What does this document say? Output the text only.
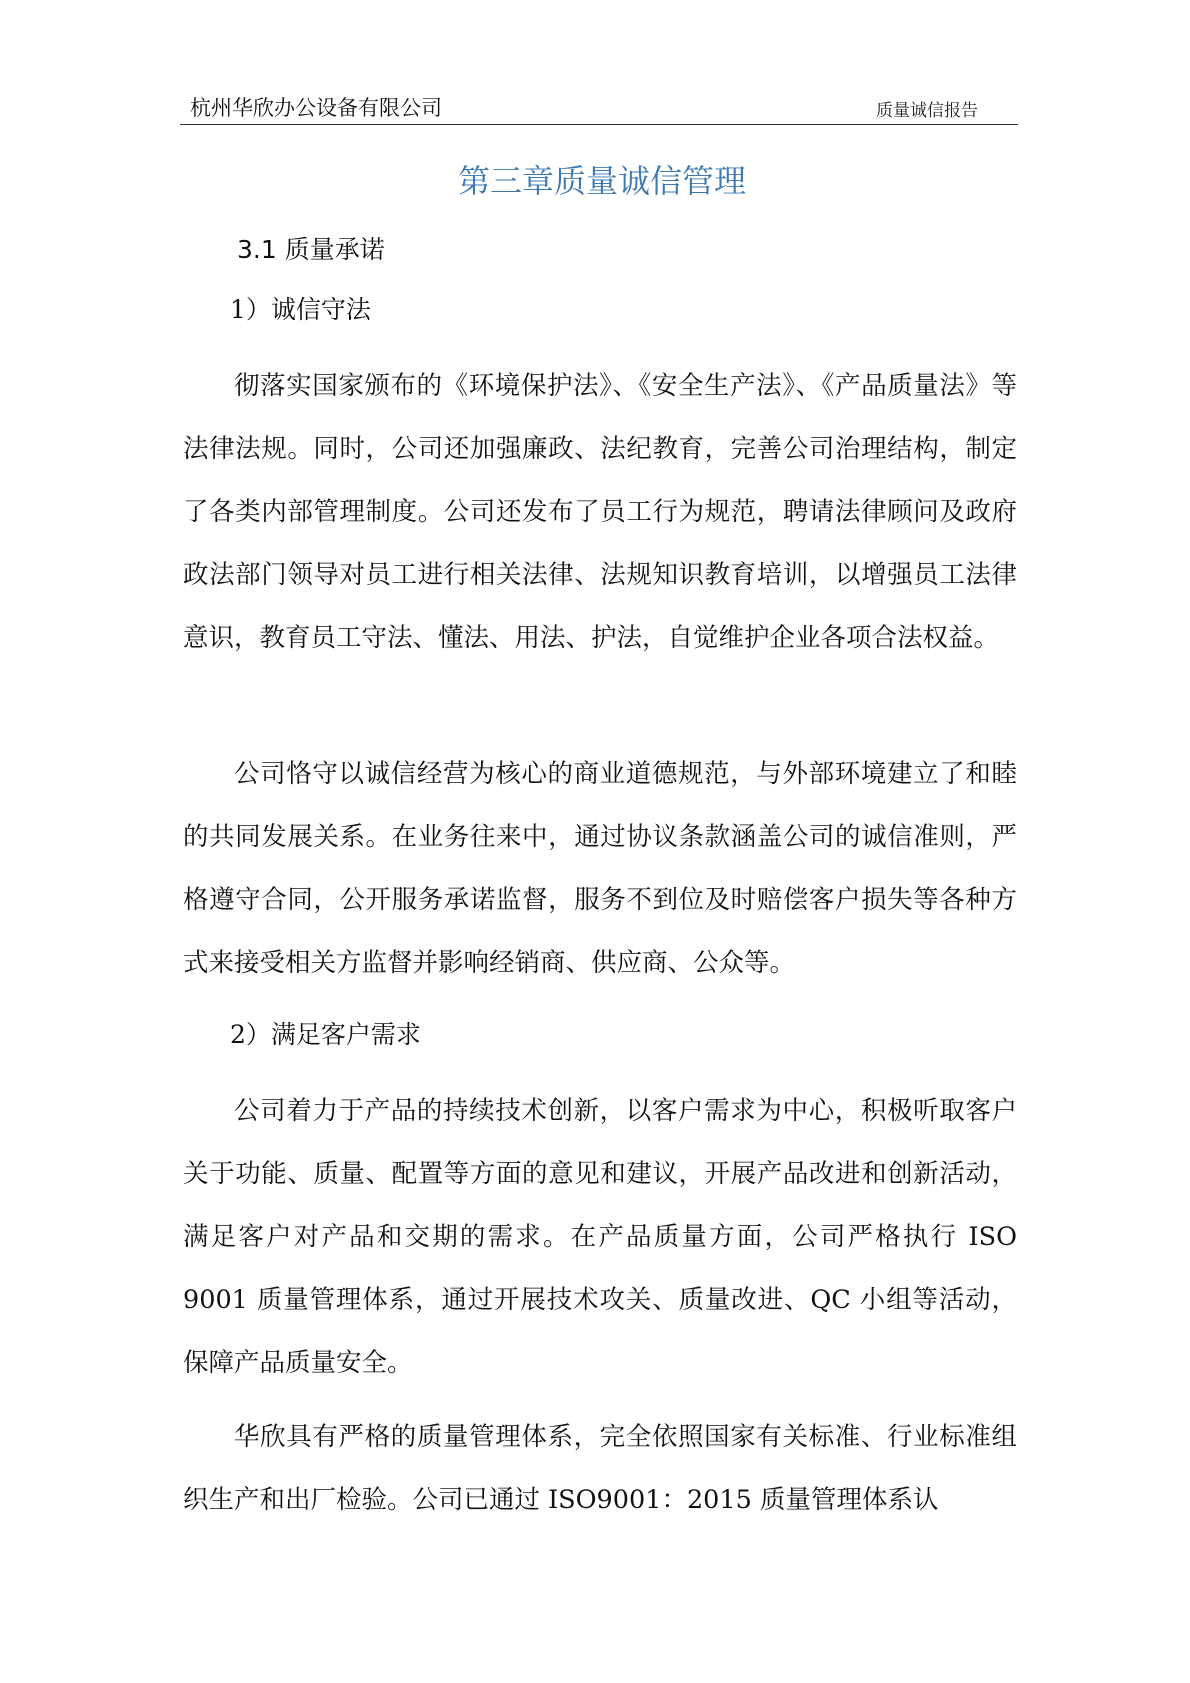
杭州华欣办公设备有限公司	质量诚信报告
第三章质量诚信管理
3.1 质量承诺
1）诚信守法

彻落实国家颁布的《环境保护法》、《安全生产法》、《产品质量法》等法律法规。同时，公司还加强廉政、法纪教育，完善公司治理结构，制定了各类内部管理制度。公司还发布了员工行为规范，聘请法律顾问及政府政法部门领导对员工进行相关法律、法规知识教育培训，以增强员工法律意识，教育员工守法、懂法、用法、护法，自觉维护企业各项合法权益。

公司恪守以诚信经营为核心的商业道德规范，与外部环境建立了和睦的共同发展关系。在业务往来中，通过协议条款涵盖公司的诚信准则，严格遵守合同，公开服务承诺监督，服务不到位及时赔偿客户损失等各种方式来接受相关方监督并影响经销商、供应商、公众等。

2）满足客户需求

公司着力于产品的持续技术创新，以客户需求为中心，积极听取客户关于功能、质量、配置等方面的意见和建议，开展产品改进和创新活动，满足客户对产品和交期的需求。在产品质量方面，公司严格执行 ISO 9001 质量管理体系，通过开展技术攻关、质量改进、QC 小组等活动，保障产品质量安全。

华欣具有严格的质量管理体系，完全依照国家有关标准、行业标准组织生产和出厂检验。公司已通过 ISO9001：2015 质量管理体系认
